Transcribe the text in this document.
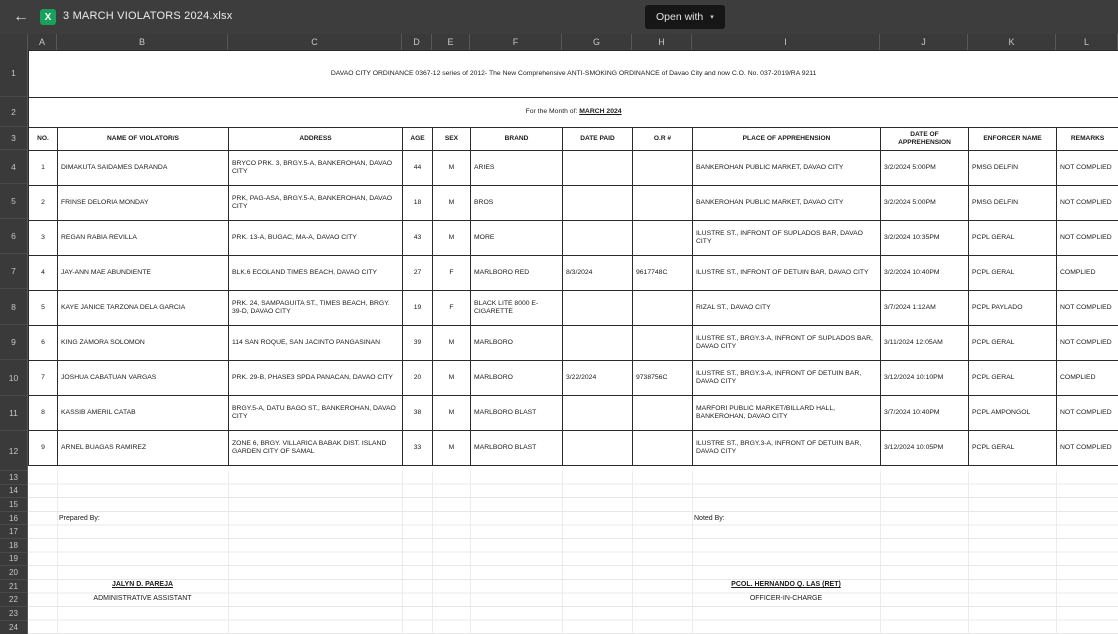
←	X	3 MARCH VIOLATORS 2024.xlsx	Open with ▾
A	B	C	D	E	F	G	H	I	J	K	L
1
2
3
4
5
6
7
8
9
10
11
12
13
14
15
16
17
18
19
20
21
22
23
24
DAVAO CITY ORDINANCE 0367-12 series of 2012- The New Comprehensive ANTI-SMOKING ORDINANCE of Davao City and now C.O. No. 037-2019/RA 9211											
For the Month of: MARCH 2024											
NO.	NAME OF VIOLATOR/S	ADDRESS	AGE	SEX	BRAND	DATE PAID	O.R #	PLACE OF APPREHENSION	DATE OF APPREHENSION	ENFORCER NAME	REMARKS
1	DIMAKUTA SAIDAMES DARANDA	BRYCO PRK. 3, BRGY.5-A, BANKEROHAN, DAVAO CITY	44	M	ARIES			BANKEROHAN PUBLIC MARKET, DAVAO CITY	3/2/2024 5:00PM	PMSG DELFIN	NOT COMPLIED
2	FRINSE DELORIA MONDAY	PRK, PAG-ASA, BRGY.5-A, BANKEROHAN, DAVAO CITY	18	M	BROS			BANKEROHAN PUBLIC MARKET, DAVAO CITY	3/2/2024 5:00PM	PMSG DELFIN	NOT COMPLIED
3	REGAN RABIA REVILLA	PRK. 13-A, BUGAC, MA-A, DAVAO CITY	43	M	MORE			ILUSTRE ST., INFRONT OF SUPLADOS BAR, DAVAO CITY	3/2/2024 10:35PM	PCPL GERAL	NOT COMPLIED
4	JAY-ANN MAE ABUNDIENTE	BLK.6 ECOLAND TIMES BEACH, DAVAO CITY	27	F	MARLBORO RED	8/3/2024	9617748C	ILUSTRE ST., INFRONT OF DETUIN BAR, DAVAO CITY	3/2/2024 10:40PM	PCPL GERAL	COMPLIED
5	KAYE JANICE TARZONA DELA GARCIA	PRK. 24, SAMPAGUITA ST., TIMES BEACH, BRGY. 39-D, DAVAO CITY	19	F	BLACK LITE 8000 E-CIGARETTE			RIZAL ST., DAVAO CITY	3/7/2024 1:12AM	PCPL PAYLADO	NOT COMPLIED
6	KING ZAMORA SOLOMON	114 SAN ROQUE, SAN JACINTO PANGASINAN	39	M	MARLBORO			ILUSTRE ST., BRGY.3-A, INFRONT OF SUPLADOS BAR, DAVAO CITY	3/11/2024 12:05AM	PCPL GERAL	NOT COMPLIED
7	JOSHUA CABATUAN VARGAS	PRK. 29-B, PHASE3 SPDA PANACAN, DAVAO CITY	20	M	MARLBORO	3/22/2024	9738756C	ILUSTRE ST., BRGY.3-A, INFRONT OF DETUIN BAR, DAVAO CITY	3/12/2024 10:10PM	PCPL GERAL	COMPLIED
8	KASSIB AMERIL CATAB	BRGY.5-A, DATU BAGO ST., BANKEROHAN, DAVAO CITY	38	M	MARLBORO BLAST			MARFORI PUBLIC MARKET/BILLARD HALL, BANKEROHAN, DAVAO CITY	3/7/2024 10:40PM	PCPL AMPONGOL	NOT COMPLIED
9	ARNEL BUAGAS RAMIREZ	ZONE 6, BRGY. VILLARICA BABAK DIST. ISLAND GARDEN CITY OF SAMAL	33	M	MARLBORO BLAST			ILUSTRE ST., BRGY.3-A, INFRONT OF DETUIN BAR, DAVAO CITY	3/12/2024 10:05PM	PCPL GERAL	NOT COMPLIED
Prepared By:	Noted By:
JALYN D. PAREJA
ADMINISTRATIVE ASSISTANT
PCOL. HERNANDO Q. LAS (RET)
OFFICER-IN-CHARGE
